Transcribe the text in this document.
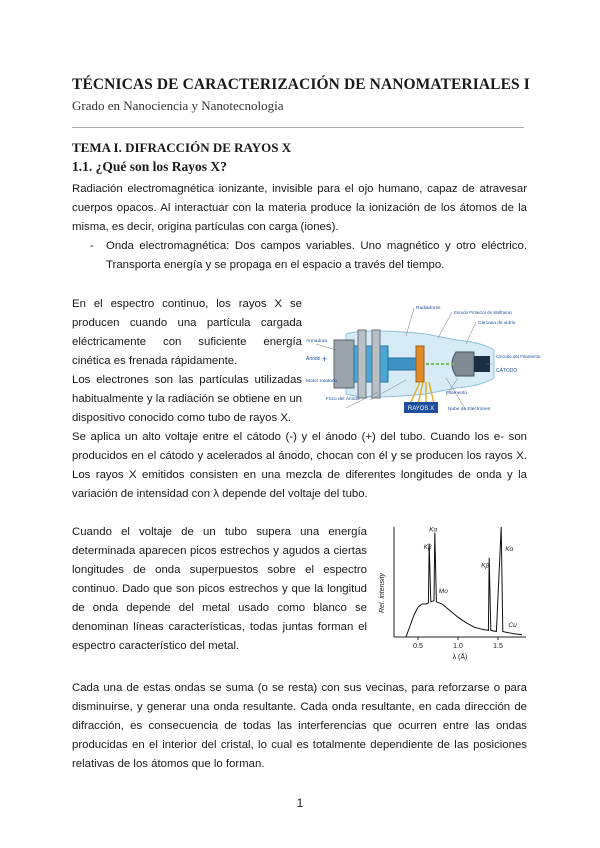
TÉCNICAS DE CARACTERIZACIÓN DE NANOMATERIALES I
Grado en Nanociencia y Nanotecnología
TEMA I. DIFRACCIÓN DE RAYOS X
1.1. ¿Qué son los Rayos X?
Radiación electromagnética ionizante, invisible para el ojo humano, capaz de atravesar cuerpos opacos. Al interactuar con la materia produce la ionización de los átomos de la misma, es decir, origina partículas con carga (iones).
- Onda electromagnética: Dos campos variables. Uno magnético y otro eléctrico. Transporta energía y se propaga en el espacio a través del tiempo.
En el espectro continuo, los rayos X se producen cuando una partícula cargada eléctricamente con suficiente energía cinética es frenada rápidamente.
Los electrones son las partículas utilizadas habitualmente y la radiación se obtiene en un dispositivo conocido como tubo de rayos X.
RAYOS X
Radiadores
Escudo Protector de Wolframio
Carcasa de vidrio
Armadura
Ánodo +	Circuito del Filamento
CÁTODO
Motor rotatorio
Filamento
Foco del Ánodo
Nube de Electrones
Se aplica un alto voltaje entre el cátodo (-) y el ánodo (+) del tubo. Cuando los e- son producidos en el cátodo y acelerados al ánodo, chocan con él y se producen los rayos X. Los rayos X emitidos consisten en una mezcla de diferentes longitudes de onda y la variación de intensidad con λ depende del voltaje del tubo.
Cuando el voltaje de un tubo supera una energía determinada aparecen picos estrechos y agudos a ciertas longitudes de onda superpuestos sobre el espectro continuo. Dado que son picos estrechos y que la longitud de onda depende del metal usado como blanco se denominan líneas características, todas juntas forman el espectro característico del metal.
Rel. intensity
λ (Å)
0.5	1.0	1.5
Kβ
Kα
Mo
Kβ
Kα
Cu
Cada una de estas ondas se suma (o se resta) con sus vecinas, para reforzarse o para disminuirse, y generar una onda resultante. Cada onda resultante, en cada dirección de difracción, es consecuencia de todas las interferencias que ocurren entre las ondas producidas en el interior del cristal, lo cual es totalmente dependiente de las posiciones relativas de los átomos que lo forman.
1
